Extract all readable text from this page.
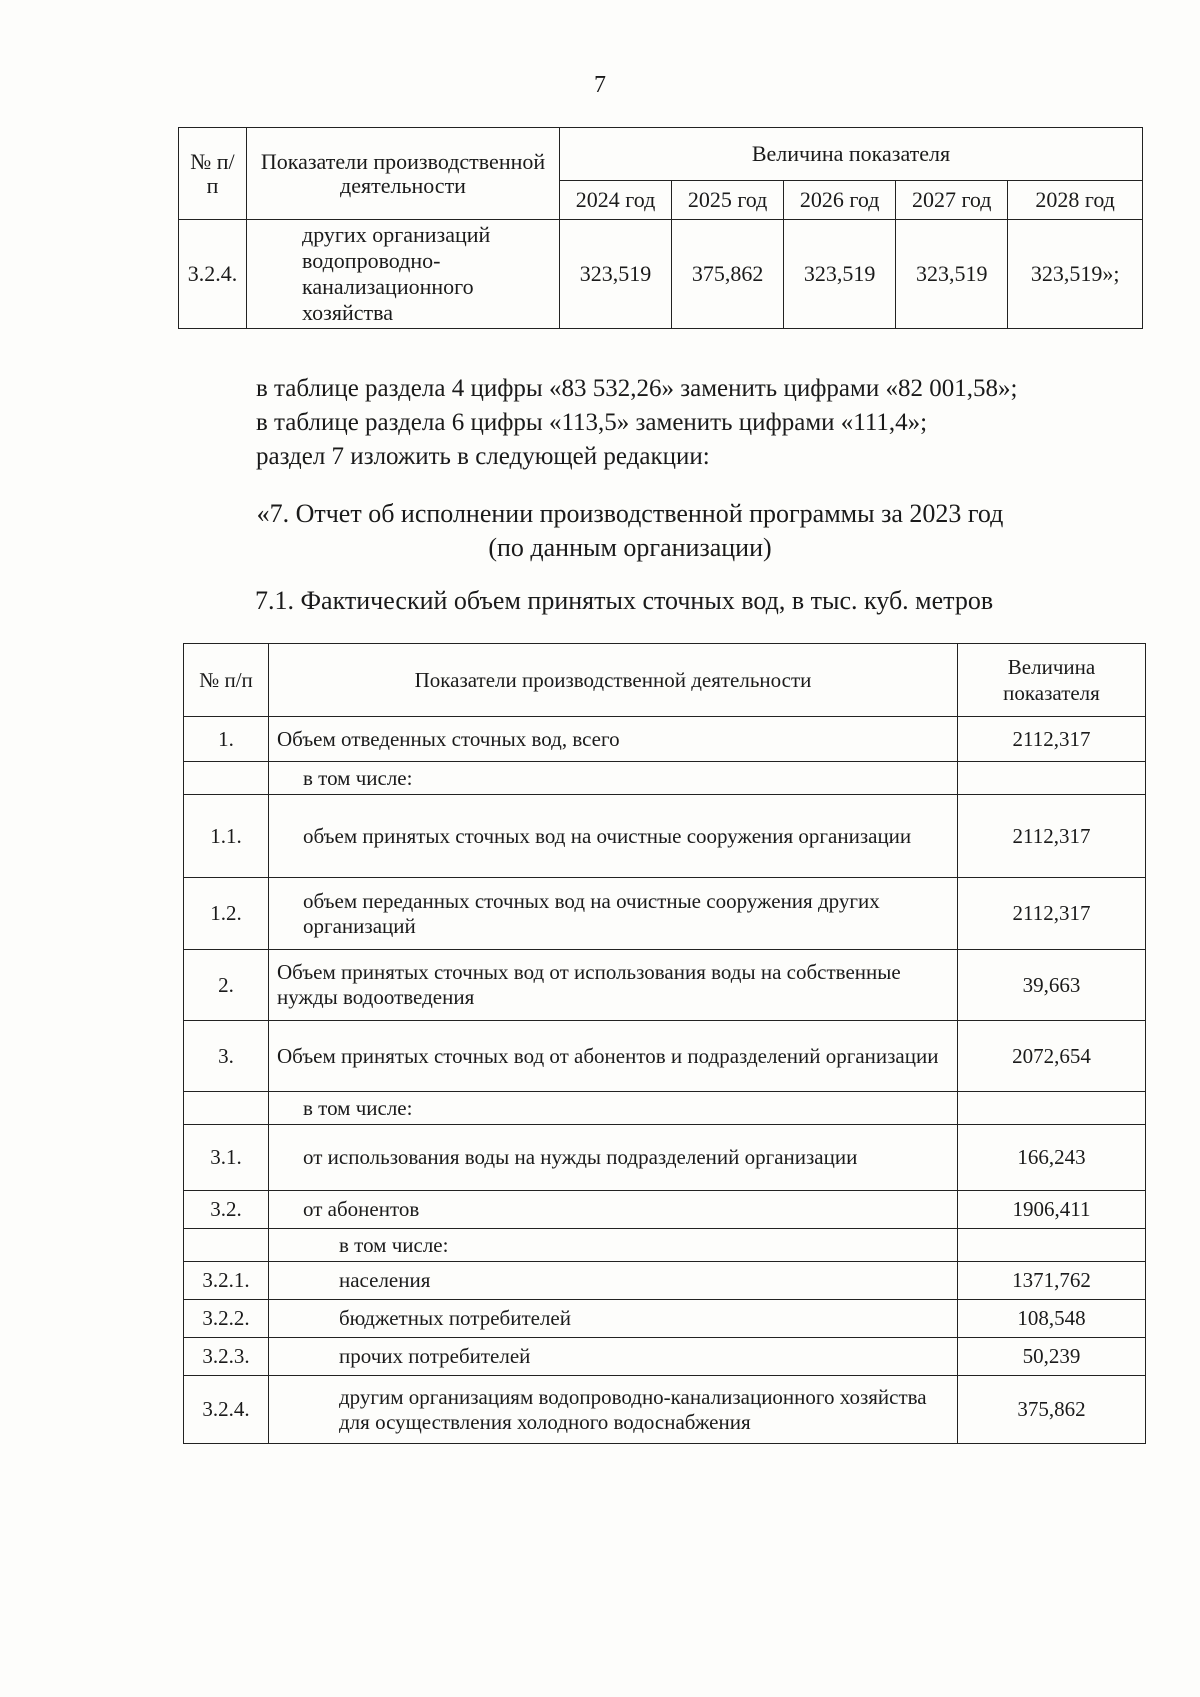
7
№ п/п	Показатели производственной деятельности	Величина показателя				
		2024 год	2025 год	2026 год	2027 год	2028 год
3.2.4.	других организаций водопроводно-канализационного хозяйства	323,519	375,862	323,519	323,519	323,519»;
в таблице раздела 4 цифры «83 532,26» заменить цифрами «82 001,58»;
в таблице раздела 6 цифры «113,5» заменить цифрами «111,4»;
раздел 7 изложить в следующей редакции:
«7. Отчет об исполнении производственной программы за 2023 год
(по данным организации)
7.1. Фактический объем принятых сточных вод, в тыс. куб. метров
№ п/п	Показатели производственной деятельности	Величина показателя
1.	Объем отведенных сточных вод, всего	2112,317
	в том числе:	
1.1.	объем принятых сточных вод на очистные сооружения организации	2112,317
1.2.	объем переданных сточных вод на очистные сооружения других организаций	2112,317
2.	Объем принятых сточных вод от использования воды на собственные нужды водоотведения	39,663
3.	Объем принятых сточных вод от абонентов и подразделений организации	2072,654
	в том числе:	
3.1.	от использования воды на нужды подразделений организации	166,243
3.2.	от абонентов	1906,411
	в том числе:	
3.2.1.	населения	1371,762
3.2.2.	бюджетных потребителей	108,548
3.2.3.	прочих потребителей	50,239
3.2.4.	другим организациям водопроводно-канализационного хозяйства для осуществления холодного водоснабжения	375,862
